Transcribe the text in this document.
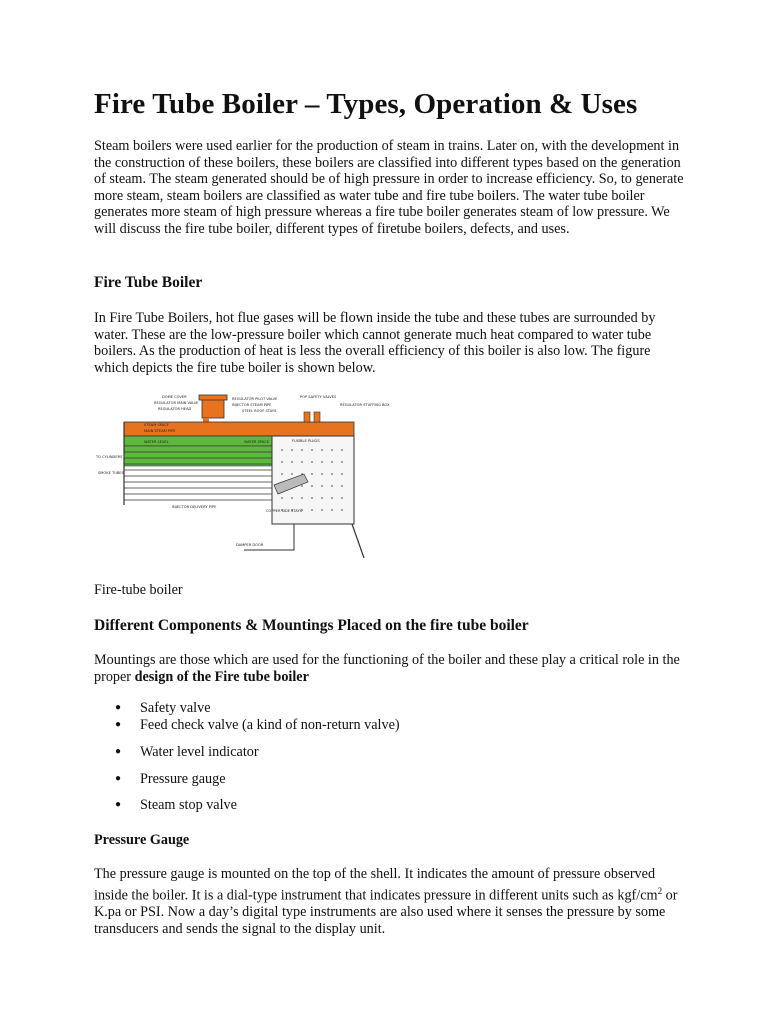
Fire Tube Boiler – Types, Operation & Uses

Steam boilers were used earlier for the production of steam in trains. Later on, with the development in the construction of these boilers, these boilers are classified into different types based on the generation of steam. The steam generated should be of high pressure in order to increase efficiency. So, to generate more steam, steam boilers are classified as water tube and fire tube boilers. The water tube boiler generates more steam of high pressure whereas a fire tube boiler generates steam of low pressure. We will discuss the fire tube boiler, different types of firetube boilers, defects, and uses.

Fire Tube Boiler

In Fire Tube Boilers, hot flue gases will be flown inside the tube and these tubes are surrounded by water. These are the low-pressure boiler which cannot generate much heat compared to water tube boilers. As the production of heat is less the overall efficiency of this boiler is also low. The figure which depicts the fire tube boiler is shown below.

DOME COVER
REGULATOR MAIN VALVE
REGULATOR HEAD
STEAM SPACE
MAIN STEAM PIPE
WATER LEVEL
TO CYLINDERS
SMOKE TUBES
REGULATOR PILOT VALVE
INJECTOR STEAM PIPE
STEEL ROOF STAYS
POP SAFETY VALVES
REGULATOR STUFFING BOX
WATER SPACE	FUSIBLE PLUGS
INJECTOR DELIVERY PIPE
COPPER SIDE STAYS
DAMPER DOOR

Fire-tube boiler

Different Components & Mountings Placed on the fire tube boiler

Mountings are those which are used for the functioning of the boiler and these play a critical role in the proper design of the Fire tube boiler

● Safety valve
● Feed check valve (a kind of non-return valve)
● Water level indicator
● Pressure gauge
● Steam stop valve
Pressure Gauge

The pressure gauge is mounted on the top of the shell. It indicates the amount of pressure observed inside the boiler. It is a dial-type instrument that indicates pressure in different units such as kgf/$cm^2$ or K.pa or PSI. Now a day’s digital type instruments are also used where it senses the pressure by some transducers and sends the signal to the display unit.
